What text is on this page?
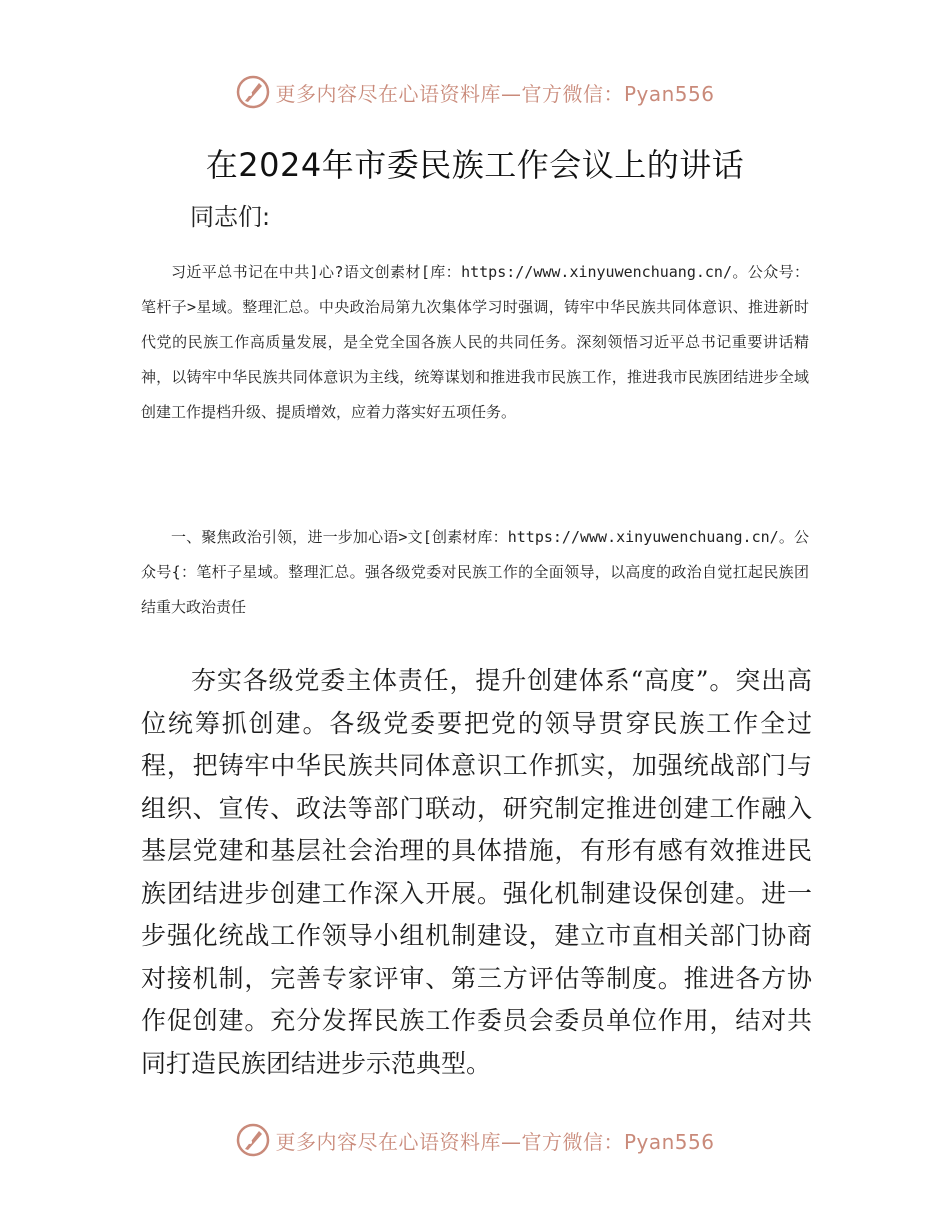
更多内容尽在心语资料库—官方微信：Pyan556
在2024年市委民族工作会议上的讲话
同志们:

习近平总书记在中共]心?语文创素材[库：https://www.xinyuwenchuang.cn/。公众号：笔杆子>星域。整理汇总。中央政治局第九次集体学习时强调，铸牢中华民族共同体意识、推进新时代党的民族工作高质量发展，是全党全国各族人民的共同任务。深刻领悟习近平总书记重要讲话精神，以铸牢中华民族共同体意识为主线，统筹谋划和推进我市民族工作，推进我市民族团结进步全域创建工作提档升级、提质增效，应着力落实好五项任务。

一、聚焦政治引领，进一步加心语>文[创素材库：https://www.xinyuwenchuang.cn/。公众号{：笔杆子星域。整理汇总。强各级党委对民族工作的全面领导，以高度的政治自觉扛起民族团结重大政治责任

夯实各级党委主体责任，提升创建体系“高度”。突出高位统筹抓创建。各级党委要把党的领导贯穿民族工作全过程，把铸牢中华民族共同体意识工作抓实，加强统战部门与组织、宣传、政法等部门联动，研究制定推进创建工作融入基层党建和基层社会治理的具体措施，有形有感有效推进民族团结进步创建工作深入开展。强化机制建设保创建。进一步强化统战工作领导小组机制建设，建立市直相关部门协商对接机制，完善专家评审、第三方评估等制度。推进各方协作促创建。充分发挥民族工作委员会委员单位作用，结对共同打造民族团结进步示范典型。

更多内容尽在心语资料库—官方微信：Pyan556
